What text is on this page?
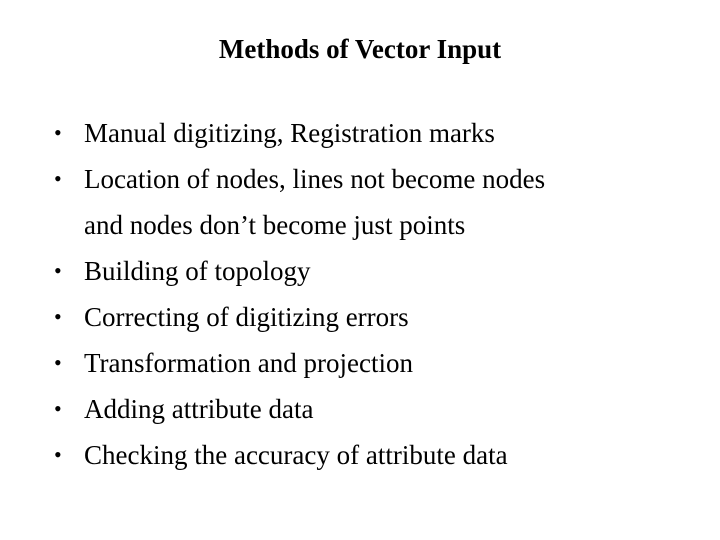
Methods of Vector Input
• Manual digitizing, Registration marks
• Location of nodes, lines not become nodes
and nodes don’t become just points
• Building of topology
• Correcting of digitizing errors
• Transformation and projection
• Adding attribute data
• Checking the accuracy of attribute data
